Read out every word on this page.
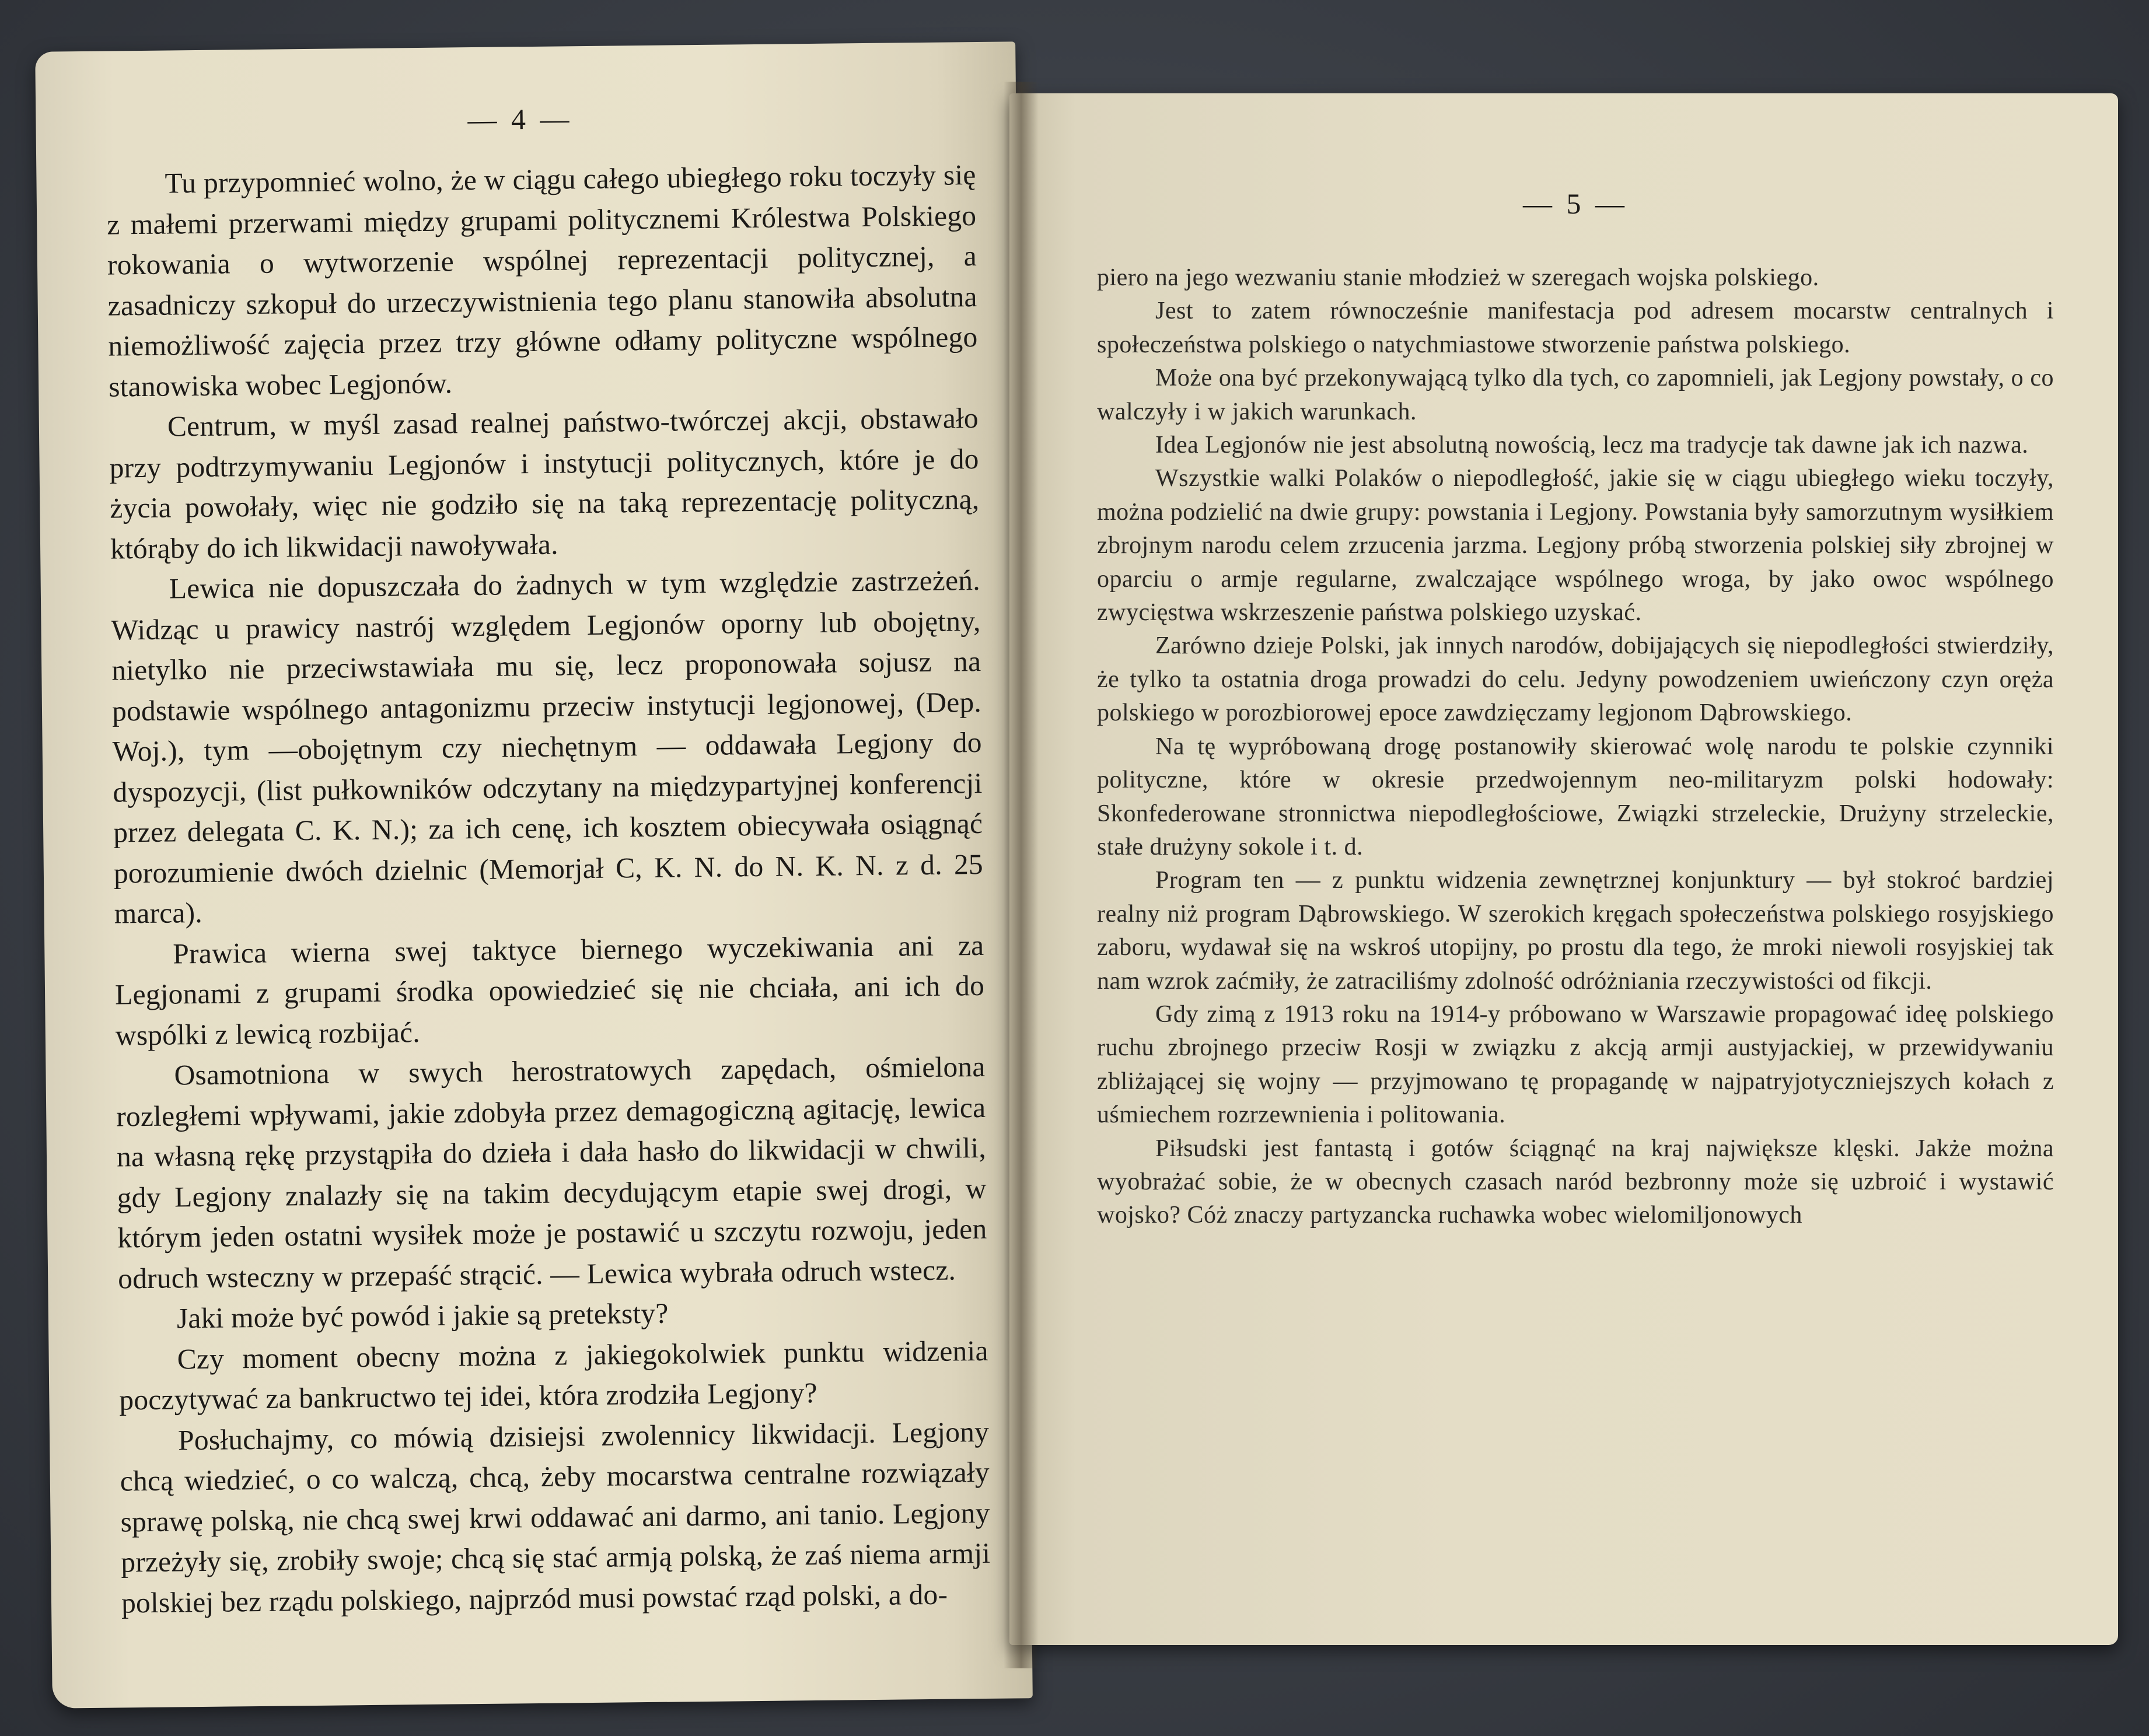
— 4 —

Tu przypomnieć wolno, że w ciągu całego ubiegłego roku toczyły się z małemi przerwami między grupami politycznemi Królestwa Polskiego rokowania o wytworzenie wspólnej reprezentacji politycznej, a zasadniczy szkopuł do urzeczywistnienia tego planu stanowiła absolutna niemożliwość zajęcia przez trzy główne odłamy polityczne wspólnego stanowiska wobec Legjonów.

Centrum, w myśl zasad realnej państwo-twórczej akcji, obstawało przy podtrzymywaniu Legjonów i instytucji politycznych, które je do życia powołały, więc nie godziło się na taką reprezentację polityczną, którąby do ich likwidacji nawoływała.

Lewica nie dopuszczała do żadnych w tym względzie zastrzeżeń. Widząc u prawicy nastrój względem Legjonów oporny lub obojętny, nietylko nie przeciwstawiała mu się, lecz proponowała sojusz na podstawie wspólnego antagonizmu przeciw instytucji legjonowej, (Dep. Woj.), tym —obojętnym czy niechętnym — oddawała Legjony do dyspozycji, (list pułkowników odczytany na międzypartyjnej konferencji przez delegata C. K. N.); za ich cenę, ich kosztem obiecywała osiągnąć porozumienie dwóch dzielnic (Memorjał C, K. N. do N. K. N. z d. 25 marca).

Prawica wierna swej taktyce biernego wyczekiwania ani za Legjonami z grupami środka opowiedzieć się nie chciała, ani ich do wspólki z lewicą rozbijać.

Osamotniona w swych herostratowych zapędach, ośmielona rozległemi wpływami, jakie zdobyła przez demagogiczną agitację, lewica na własną rękę przystąpiła do dzieła i dała hasło do likwidacji w chwili, gdy Legjony znalazły się na takim decydującym etapie swej drogi, w którym jeden ostatni wysiłek może je postawić u szczytu rozwoju, jeden odruch wsteczny w przepaść strącić. — Lewica wybrała odruch wstecz.

Jaki może być powód i jakie są preteksty?

Czy moment obecny można z jakiegokolwiek punktu widzenia poczytywać za bankructwo tej idei, która zrodziła Legjony?

Posłuchajmy, co mówią dzisiejsi zwolennicy likwidacji. Legjony chcą wiedzieć, o co walczą, chcą, żeby mocarstwa centralne rozwiązały sprawę polską, nie chcą swej krwi oddawać ani darmo, ani tanio. Legjony przeżyły się, zrobiły swoje; chcą się stać armją polską, że zaś niema armji polskiej bez rządu polskiego, najprzód musi powstać rząd polski, a do-

— 5 —

piero na jego wezwaniu stanie młodzież w szeregach wojska polskiego.

Jest to zatem równocześnie manifestacja pod adresem mocarstw centralnych i społeczeństwa polskiego o natychmiastowe stworzenie państwa polskiego.

Może ona być przekonywającą tylko dla tych, co zapomnieli, jak Legjony powstały, o co walczyły i w jakich warunkach.

Idea Legjonów nie jest absolutną nowością, lecz ma tradycje tak dawne jak ich nazwa.

Wszystkie walki Polaków o niepodległość, jakie się w ciągu ubiegłego wieku toczyły, można podzielić na dwie grupy: powstania i Legjony. Powstania były samorzutnym wysiłkiem zbrojnym narodu celem zrzucenia jarzma. Legjony próbą stworzenia polskiej siły zbrojnej w oparciu o armje regularne, zwalczające wspólnego wroga, by jako owoc wspólnego zwycięstwa wskrzeszenie państwa polskiego uzyskać.

Zarówno dzieje Polski, jak innych narodów, dobijających się niepodległości stwierdziły, że tylko ta ostatnia droga prowadzi do celu. Jedyny powodzeniem uwieńczony czyn oręża polskiego w porozbiorowej epoce zawdzięczamy legjonom Dąbrowskiego.

Na tę wypróbowaną drogę postanowiły skierować wolę narodu te polskie czynniki polityczne, które w okresie przedwojennym neo-militaryzm polski hodowały: Skonfederowane stronnictwa niepodległościowe, Związki strzeleckie, Drużyny strzeleckie, stałe drużyny sokole i t. d.

Program ten — z punktu widzenia zewnętrznej konjunktury — był stokroć bardziej realny niż program Dąbrowskiego. W szerokich kręgach społeczeństwa polskiego rosyjskiego zaboru, wydawał się na wskroś utopijny, po prostu dla tego, że mroki niewoli rosyjskiej tak nam wzrok zaćmiły, że zatraciliśmy zdolność odróżniania rzeczywistości od fikcji.

Gdy zimą z 1913 roku na 1914-y próbowano w Warszawie propagować ideę polskiego ruchu zbrojnego przeciw Rosji w związku z akcją armji austyjackiej, w przewidywaniu zbliżającej się wojny — przyjmowano tę propagandę w najpatryjotyczniejszych kołach z uśmiechem rozrzewnienia i politowania.

Piłsudski jest fantastą i gotów ściągnąć na kraj największe klęski. Jakże można wyobrażać sobie, że w obecnych czasach naród bezbronny może się uzbroić i wystawić wojsko? Cóż znaczy partyzancka ruchawka wobec wielomiljonowych
